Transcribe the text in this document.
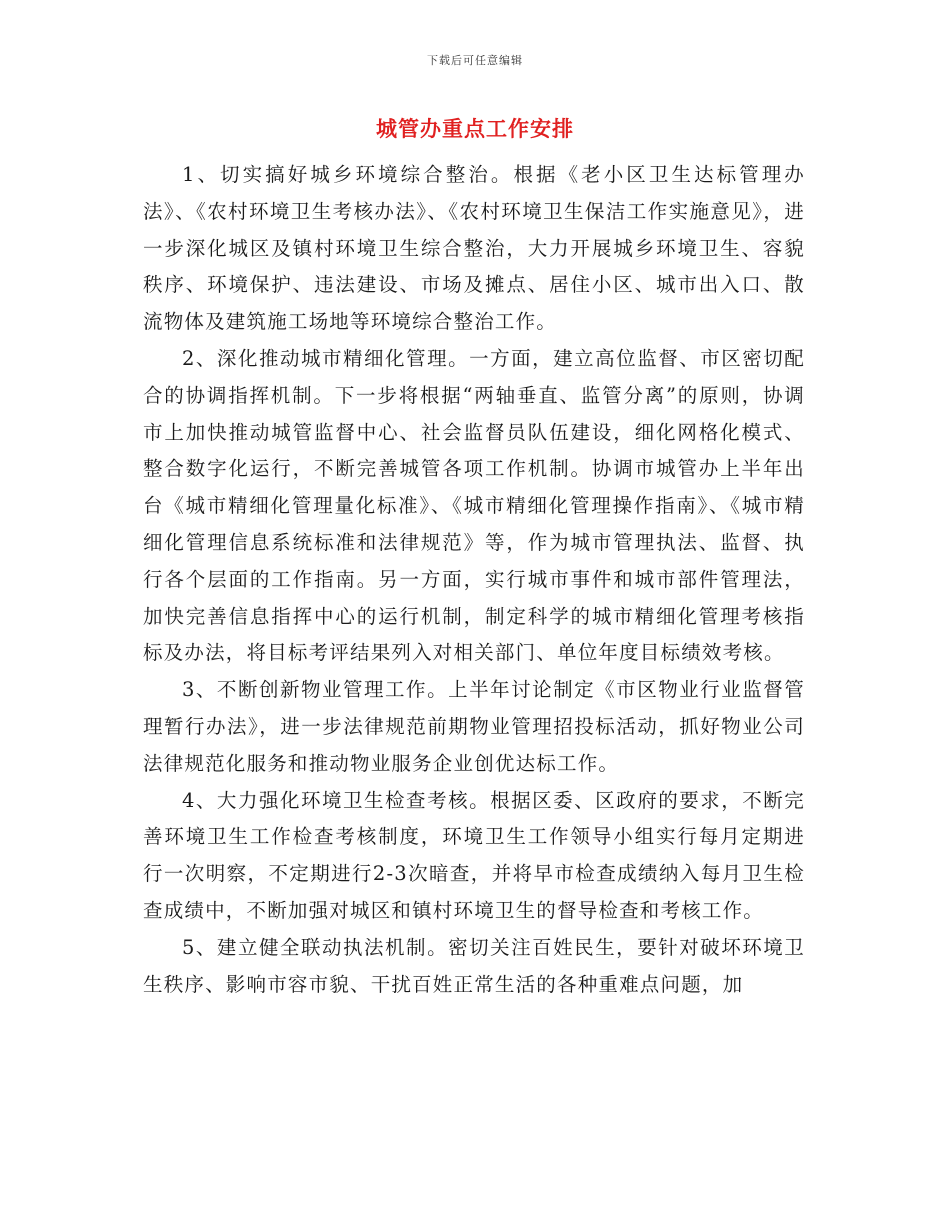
下载后可任意编辑
城管办重点工作安排

1、切实搞好城乡环境综合整治。根据《老小区卫生达标管理办法》、《农村环境卫生考核办法》、《农村环境卫生保洁工作实施意见》，进一步深化城区及镇村环境卫生综合整治，大力开展城乡环境卫生、容貌秩序、环境保护、违法建设、市场及摊点、居住小区、城市出入口、散流物体及建筑施工场地等环境综合整治工作。

2、深化推动城市精细化管理。一方面，建立高位监督、市区密切配合的协调指挥机制。下一步将根据“两轴垂直、监管分离”的原则，协调市上加快推动城管监督中心、社会监督员队伍建设，细化网格化模式、整合数字化运行，不断完善城管各项工作机制。协调市城管办上半年出台《城市精细化管理量化标准》、《城市精细化管理操作指南》、《城市精细化管理信息系统标准和法律规范》等，作为城市管理执法、监督、执行各个层面的工作指南。另一方面，实行城市事件和城市部件管理法，加快完善信息指挥中心的运行机制，制定科学的城市精细化管理考核指标及办法，将目标考评结果列入对相关部门、单位年度目标绩效考核。

3、不断创新物业管理工作。上半年讨论制定《市区物业行业监督管理暂行办法》，进一步法律规范前期物业管理招投标活动，抓好物业公司法律规范化服务和推动物业服务企业创优达标工作。

4、大力强化环境卫生检查考核。根据区委、区政府的要求，不断完善环境卫生工作检查考核制度，环境卫生工作领导小组实行每月定期进行一次明察，不定期进行2-3次暗查，并将早市检查成绩纳入每月卫生检查成绩中，不断加强对城区和镇村环境卫生的督导检查和考核工作。

5、建立健全联动执法机制。密切关注百姓民生，要针对破坏环境卫生秩序、影响市容市貌、干扰百姓正常生活的各种重难点问题，加
